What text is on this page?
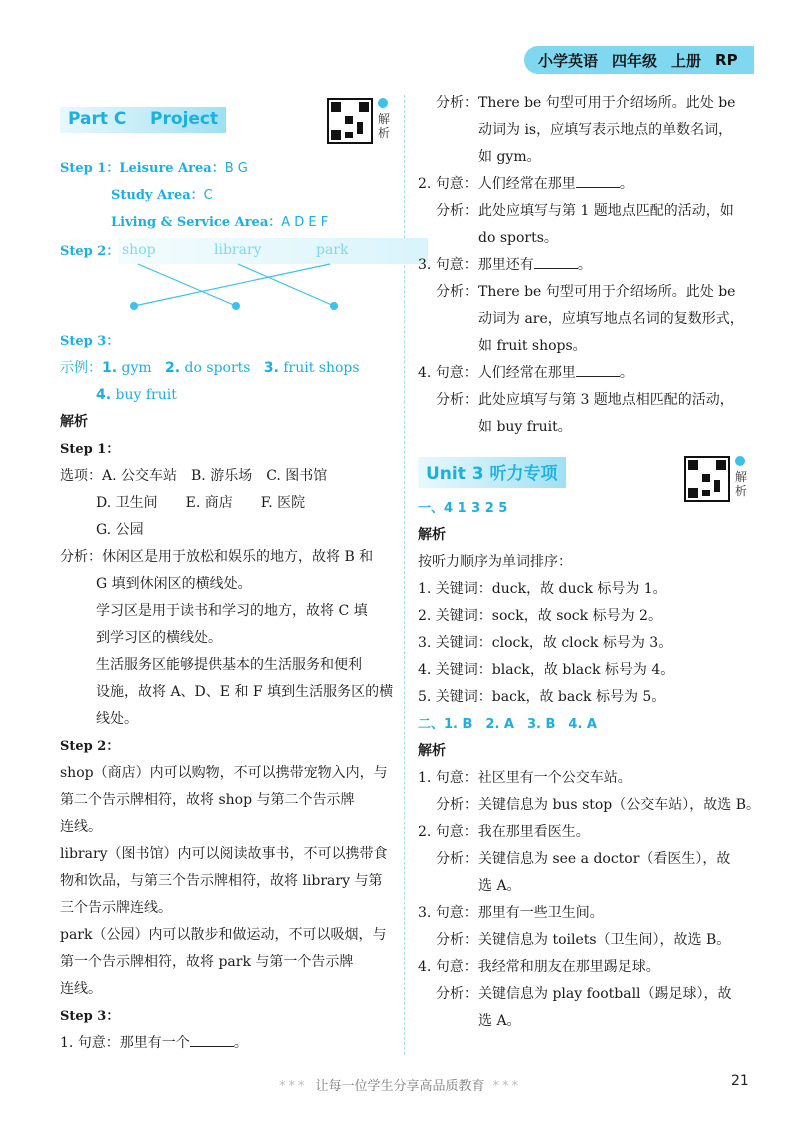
小学英语 四年级 上册 RP
解
析
解
析
Part C    Project
Step 1：Leisure Area：B G
Study Area：C
Living & Service Area：A D E F
Step 2： shop	library	park
Step 3：
示例：1. gym 2. do sports 3. fruit shops
4. buy fruit
解析
Step 1：
选项：A. 公交车站　B. 游乐场　C. 图书馆
D. 卫生间　　E. 商店　　F. 医院
G. 公园
分析：休闲区是用于放松和娱乐的地方，故将 B 和
G 填到休闲区的横线处。
学习区是用于读书和学习的地方，故将 C 填
到学习区的横线处。
生活服务区能够提供基本的生活服务和便利
设施，故将 A、D、E 和 F 填到生活服务区的横
线处。
Step 2：
shop（商店）内可以购物，不可以携带宠物入内，与
第二个告示牌相符，故将 shop 与第二个告示牌
连线。
library（图书馆）内可以阅读故事书，不可以携带食
物和饮品，与第三个告示牌相符，故将 library 与第
三个告示牌连线。
park（公园）内可以散步和做运动，不可以吸烟，与
第一个告示牌相符，故将 park 与第一个告示牌
连线。
Step 3：
1. 句意：那里有一个	。
分析：There be 句型可用于介绍场所。此处 be
动词为 is，应填写表示地点的单数名词，
如 gym。
2. 句意：人们经常在那里	。
分析：此处应填写与第 1 题地点匹配的活动，如
do sports。
3. 句意：那里还有	。
分析：There be 句型可用于介绍场所。此处 be
动词为 are，应填写地点名词的复数形式，
如 fruit shops。
4. 句意：人们经常在那里	。
分析：此处应填写与第 3 题地点相匹配的活动，
如 buy fruit。
Unit 3 听力专项
一、4 1 3 2 5
解析
按听力顺序为单词排序：
1. 关键词：duck，故 duck 标号为 1。
2. 关键词：sock，故 sock 标号为 2。
3. 关键词：clock，故 clock 标号为 3。
4. 关键词：black，故 black 标号为 4。
5. 关键词：back，故 back 标号为 5。
二、1. B　2. A　3. B　4. A
解析
1. 句意：社区里有一个公交车站。
分析：关键信息为 bus stop（公交车站），故选 B。
2. 句意：我在那里看医生。
分析：关键信息为 see a doctor（看医生），故
选 A。
3. 句意：那里有一些卫生间。
分析：关键信息为 toilets（卫生间），故选 B。
4. 句意：我经常和朋友在那里踢足球。
分析：关键信息为 play football（踢足球），故
选 A。
*** 让每一位学生分享高品质教育 ***	21
